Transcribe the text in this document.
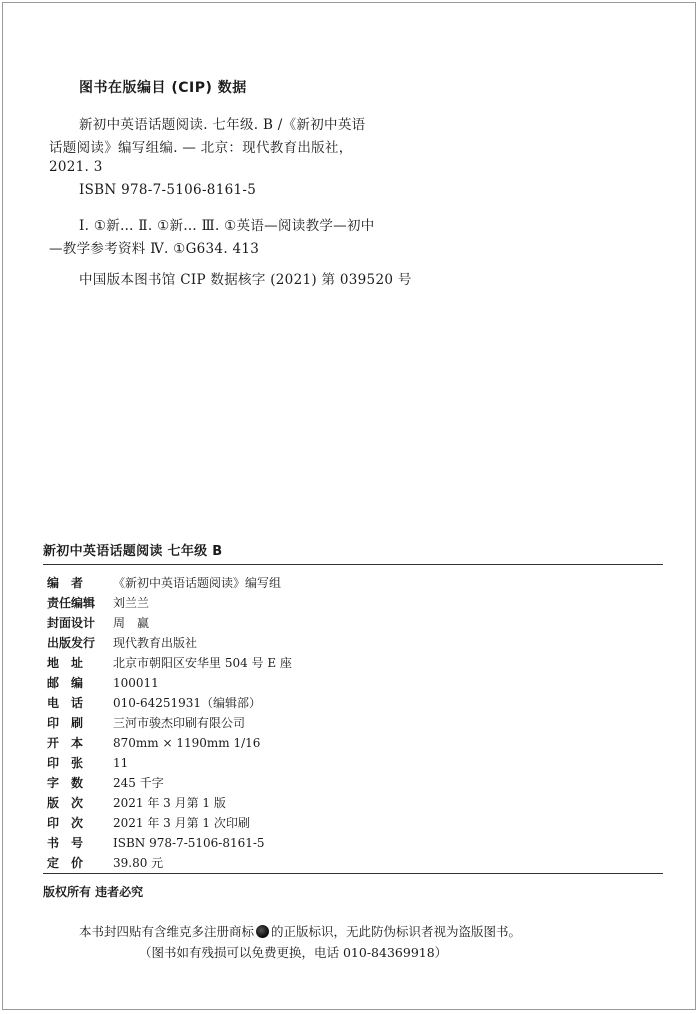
图书在版编目 (CIP) 数据
新初中英语话题阅读. 七年级. B /《新初中英语
话题阅读》编写组编. — 北京：现代教育出版社，
2021. 3
ISBN 978-7-5106-8161-5
Ⅰ. ①新… Ⅱ. ①新… Ⅲ. ①英语—阅读教学—初中
—教学参考资料 Ⅳ. ①G634. 413
中国版本图书馆 CIP 数据核字 (2021) 第 039520 号
新初中英语话题阅读 七年级 B
编　者 《新初中英语话题阅读》编写组
责任编辑 刘兰兰
封面设计 周　赢
出版发行 现代教育出版社
地　址 北京市朝阳区安华里 504 号 E 座
邮　编 100011
电　话 010-64251931（编辑部）
印　刷 三河市骏杰印刷有限公司
开　本 870mm × 1190mm 1/16
印　张 11
字　数 245 千字
版　次 2021 年 3 月第 1 版
印　次 2021 年 3 月第 1 次印刷
书　号 ISBN 978-7-5106-8161-5
定　价 39.80 元
版权所有 违者必究
本书封四贴有含维克多注册商标 的正版标识，无此防伪标识者视为盗版图书。
（图书如有残损可以免费更换，电话 010-84369918）
